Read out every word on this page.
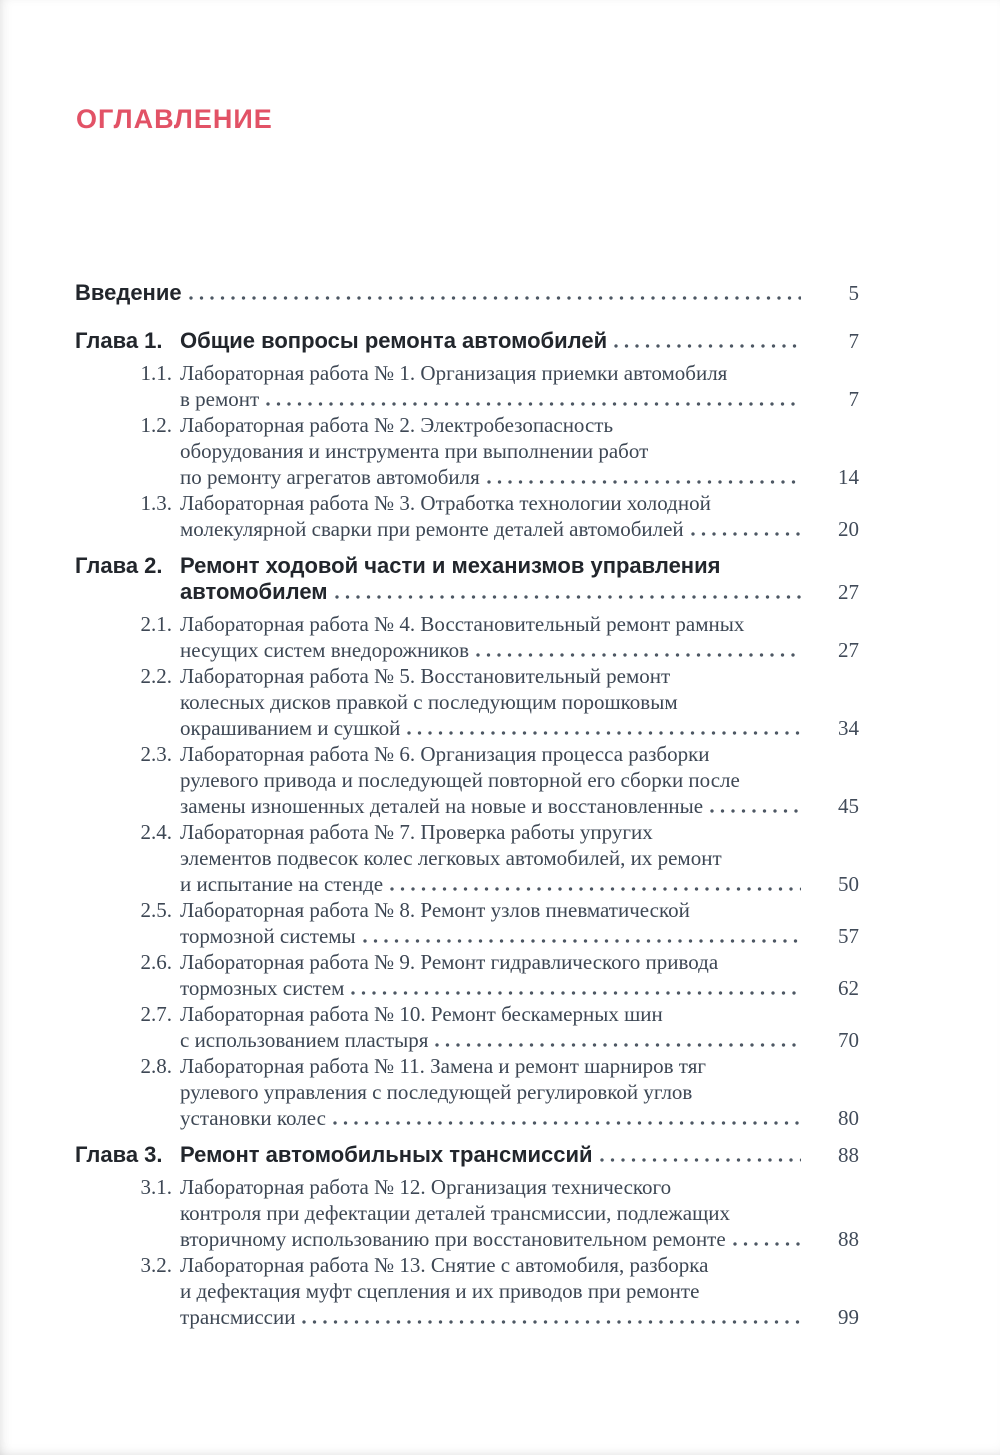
ОГЛАВЛЕНИЕ
Введение	5
Глава 1. Общие вопросы ремонта автомобилей	7
1.1. Лабораторная работа № 1. Организация приемки автомобиля
в ремонт	7
1.2. Лабораторная работа № 2. Электробезопасность
оборудования и инструмента при выполнении работ
по ремонту агрегатов автомобиля	14
1.3. Лабораторная работа № 3. Отработка технологии холодной
молекулярной сварки при ремонте деталей автомобилей	20
Глава 2. Ремонт ходовой части и механизмов управления
автомобилем	27
2.1. Лабораторная работа № 4. Восстановительный ремонт рамных
несущих систем внедорожников	27
2.2. Лабораторная работа № 5. Восстановительный ремонт
колесных дисков правкой с последующим порошковым
окрашиванием и сушкой	34
2.3. Лабораторная работа № 6. Организация процесса разборки
рулевого привода и последующей повторной его сборки после
замены изношенных деталей на новые и восстановленные	45
2.4. Лабораторная работа № 7. Проверка работы упругих
элементов подвесок колес легковых автомобилей, их ремонт
и испытание на стенде	50
2.5. Лабораторная работа № 8. Ремонт узлов пневматической
тормозной системы	57
2.6. Лабораторная работа № 9. Ремонт гидравлического привода
тормозных систем	62
2.7. Лабораторная работа № 10. Ремонт бескамерных шин
с использованием пластыря	70
2.8. Лабораторная работа № 11. Замена и ремонт шарниров тяг
рулевого управления с последующей регулировкой углов
установки колес	80
Глава 3. Ремонт автомобильных трансмиссий	88
3.1. Лабораторная работа № 12. Организация технического
контроля при дефектации деталей трансмиссии, подлежащих
вторичному использованию при восстановительном ремонте	88
3.2. Лабораторная работа № 13. Снятие с автомобиля, разборка
и дефектация муфт сцепления и их приводов при ремонте
трансмиссии	99
